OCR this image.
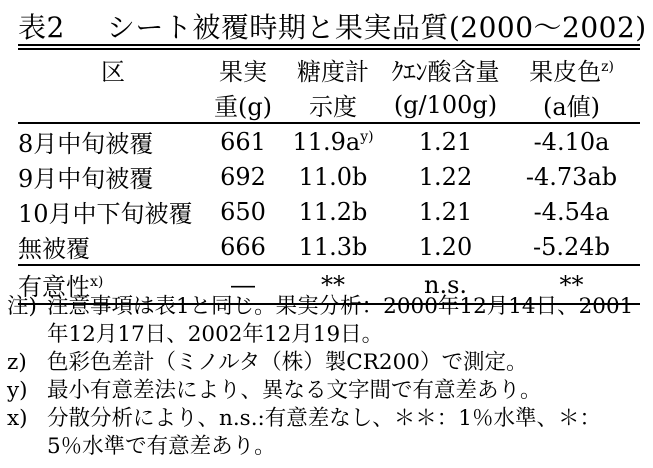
表2 シート被覆時期と果実品質(2000～2002)
区	果実	糖度計	ｸｴﾝ酸含量	果皮色$^{z)}$
	重(g)	示度	(g/100g)	(a値)
8月中旬被覆	661	$11.9a^{y)}$	1.21	-4.10a
9月中旬被覆	692	11.0b	1.22	-4.73ab
10月中下旬被覆	650	11.2b	1.21	-4.54a
無被覆	666	11.3b	1.20	-5.24b
有意性$^{x)}$	―	**	n.s.	**
注) 注意事項は表1と同じ。果実分析：2000年12月14日、2001
年12月17日、2002年12月19日。
z) 色彩色差計（ミノルタ（株）製CR200）で測定。
y) 最小有意差法により、異なる文字間で有意差あり。
x) 分散分析により、n.s.:有意差なし、＊＊：1％水準、＊：
5％水準で有意差あり。
